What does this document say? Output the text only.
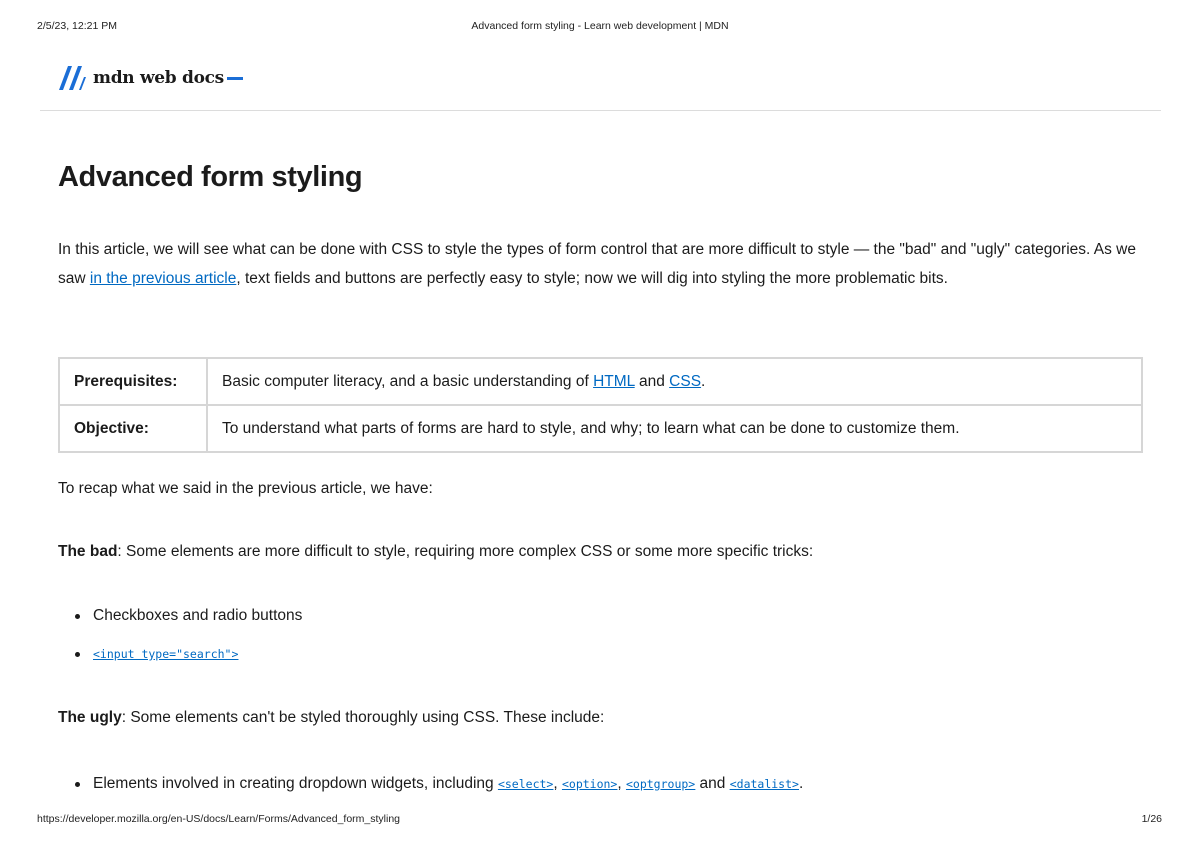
2/5/23, 12:21 PM	Advanced form styling - Learn web development | MDN
mdn web docs
Advanced form styling

In this article, we will see what can be done with CSS to style the types of form control that are more difficult to style — the "bad" and "ugly" categories. As we saw in the previous article, text fields and buttons are perfectly easy to style; now we will dig into styling the more problematic bits.

Prerequisites:	Basic computer literacy, and a basic understanding of HTML and CSS.
Objective:	To understand what parts of forms are hard to style, and why; to learn what can be done to customize them.

To recap what we said in the previous article, we have:

The bad: Some elements are more difficult to style, requiring more complex CSS or some more specific tricks:

Checkboxes and radio buttons
<input type="search">

The ugly: Some elements can't be styled thoroughly using CSS. These include:

Elements involved in creating dropdown widgets, including <select>, <option>, <optgroup> and <datalist>.
https://developer.mozilla.org/en-US/docs/Learn/Forms/Advanced_form_styling	1/26
